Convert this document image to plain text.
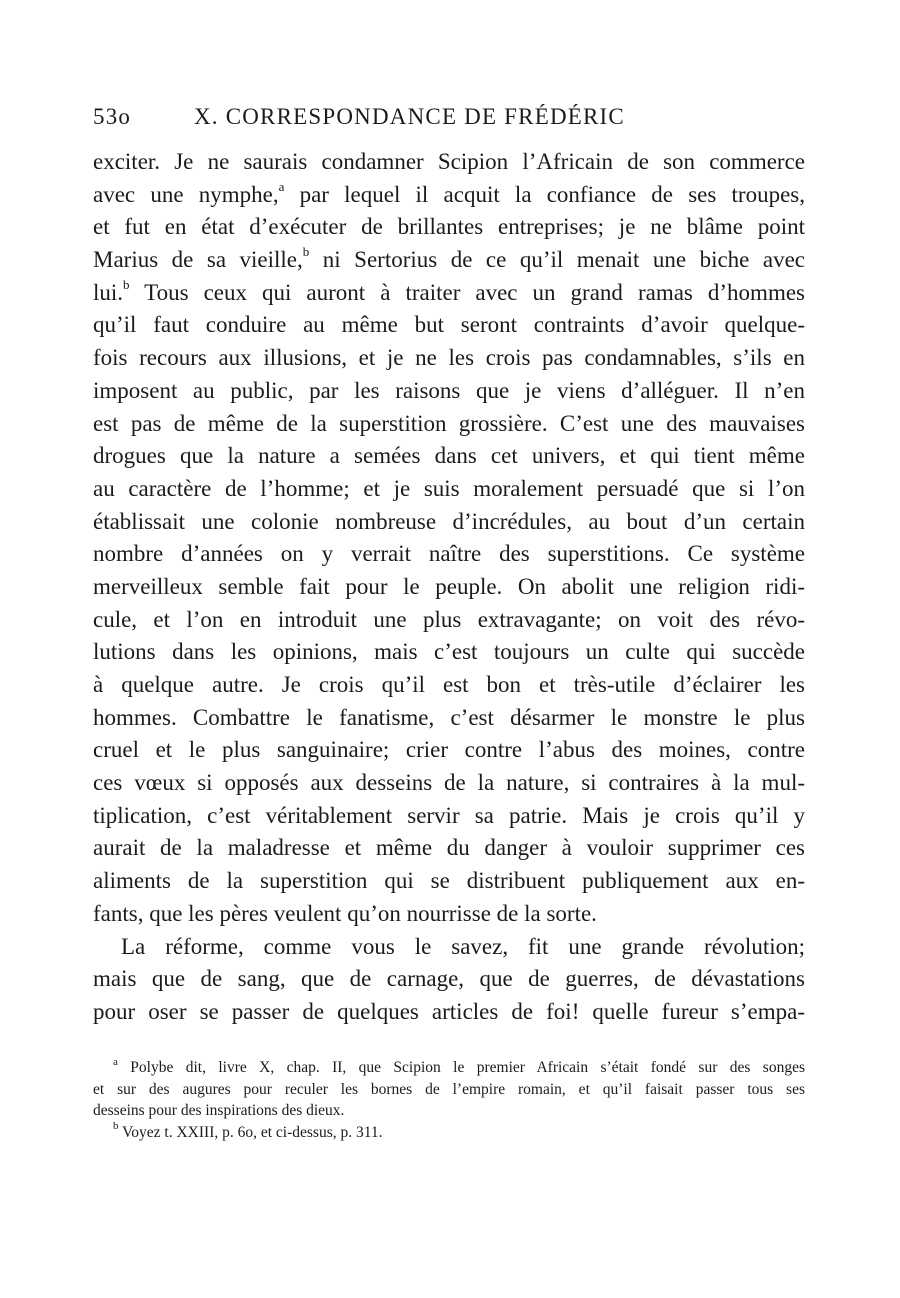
53o	X. CORRESPONDANCE DE FRÉDÉRIC
exciter. Je ne saurais condamner Scipion l’Africain de son commerce
avec une nymphe,$^a$ par lequel il acquit la confiance de ses troupes,
et fut en état d’exécuter de brillantes entreprises; je ne blâme point
Marius de sa vieille,$^b$ ni Sertorius de ce qu’il menait une biche avec
lui.$^b$ Tous ceux qui auront à traiter avec un grand ramas d’hommes
qu’il faut conduire au même but seront contraints d’avoir quelque-
fois recours aux illusions, et je ne les crois pas condamnables, s’ils en
imposent au public, par les raisons que je viens d’alléguer. Il n’en
est pas de même de la superstition grossière. C’est une des mauvaises
drogues que la nature a semées dans cet univers, et qui tient même
au caractère de l’homme; et je suis moralement persuadé que si l’on
établissait une colonie nombreuse d’incrédules, au bout d’un certain
nombre d’années on y verrait naître des superstitions. Ce système
merveilleux semble fait pour le peuple. On abolit une religion ridi-
cule, et l’on en introduit une plus extravagante; on voit des révo-
lutions dans les opinions, mais c’est toujours un culte qui succède
à quelque autre. Je crois qu’il est bon et très-utile d’éclairer les
hommes. Combattre le fanatisme, c’est désarmer le monstre le plus
cruel et le plus sanguinaire; crier contre l’abus des moines, contre
ces vœux si opposés aux desseins de la nature, si contraires à la mul-
tiplication, c’est véritablement servir sa patrie. Mais je crois qu’il y
aurait de la maladresse et même du danger à vouloir supprimer ces
aliments de la superstition qui se distribuent publiquement aux en-
fants, que les pères veulent qu’on nourrisse de la sorte.
La réforme, comme vous le savez, fit une grande révolution;
mais que de sang, que de carnage, que de guerres, de dévastations
pour oser se passer de quelques articles de foi! quelle fureur s’empa-
$^a$ Polybe dit, livre X, chap. II, que Scipion le premier Africain s’était fondé sur des songes
et sur des augures pour reculer les bornes de l’empire romain, et qu’il faisait passer tous ses
desseins pour des inspirations des dieux.
$^b$ Voyez t. XXIII, p. 6o, et ci-dessus, p. 311.
